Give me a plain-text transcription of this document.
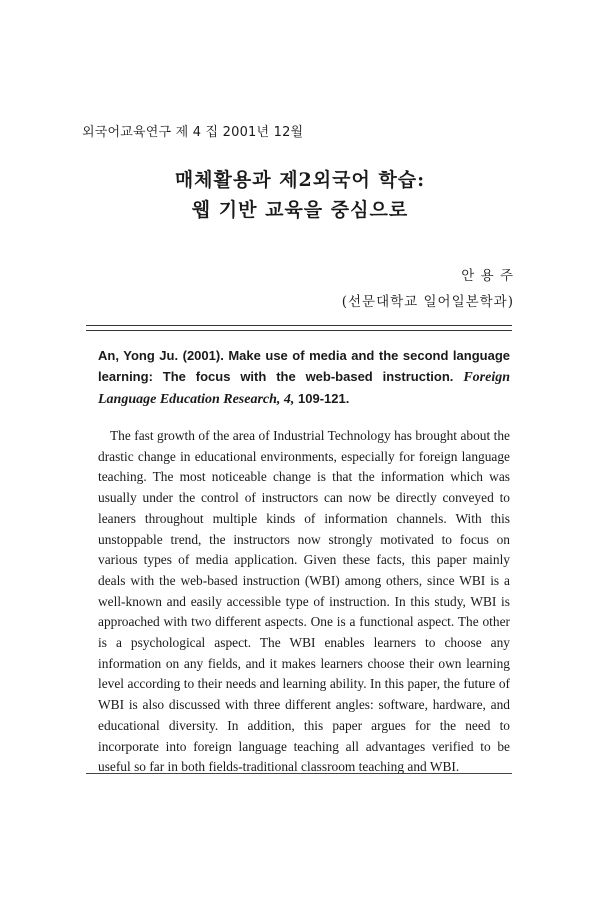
외국어교육연구 제 4 집 2001년 12월
매체활용과 제2외국어 학습:
웹 기반 교육을 중심으로
안 용 주
(선문대학교 일어일본학과)
An, Yong Ju. (2001). Make use of media and the second language learning: The focus with the web-based instruction. Foreign Language Education Research, 4, 109-121.

The fast growth of the area of Industrial Technology has brought about the drastic change in educational environments, especially for foreign language teaching. The most noticeable change is that the information which was usually under the control of instructors can now be directly conveyed to leaners throughout multiple kinds of information channels. With this unstoppable trend, the instructors now strongly motivated to focus on various types of media application. Given these facts, this paper mainly deals with the web-based instruction (WBI) among others, since WBI is a well-known and easily accessible type of instruction. In this study, WBI is approached with two different aspects. One is a functional aspect. The other is a psychological aspect. The WBI enables learners to choose any information on any fields, and it makes learners choose their own learning level according to their needs and learning ability. In this paper, the future of WBI is also discussed with three different angles: software, hardware, and educational diversity. In addition, this paper argues for the need to incorporate into foreign language teaching all advantages verified to be useful so far in both fields-traditional classroom teaching and WBI.
